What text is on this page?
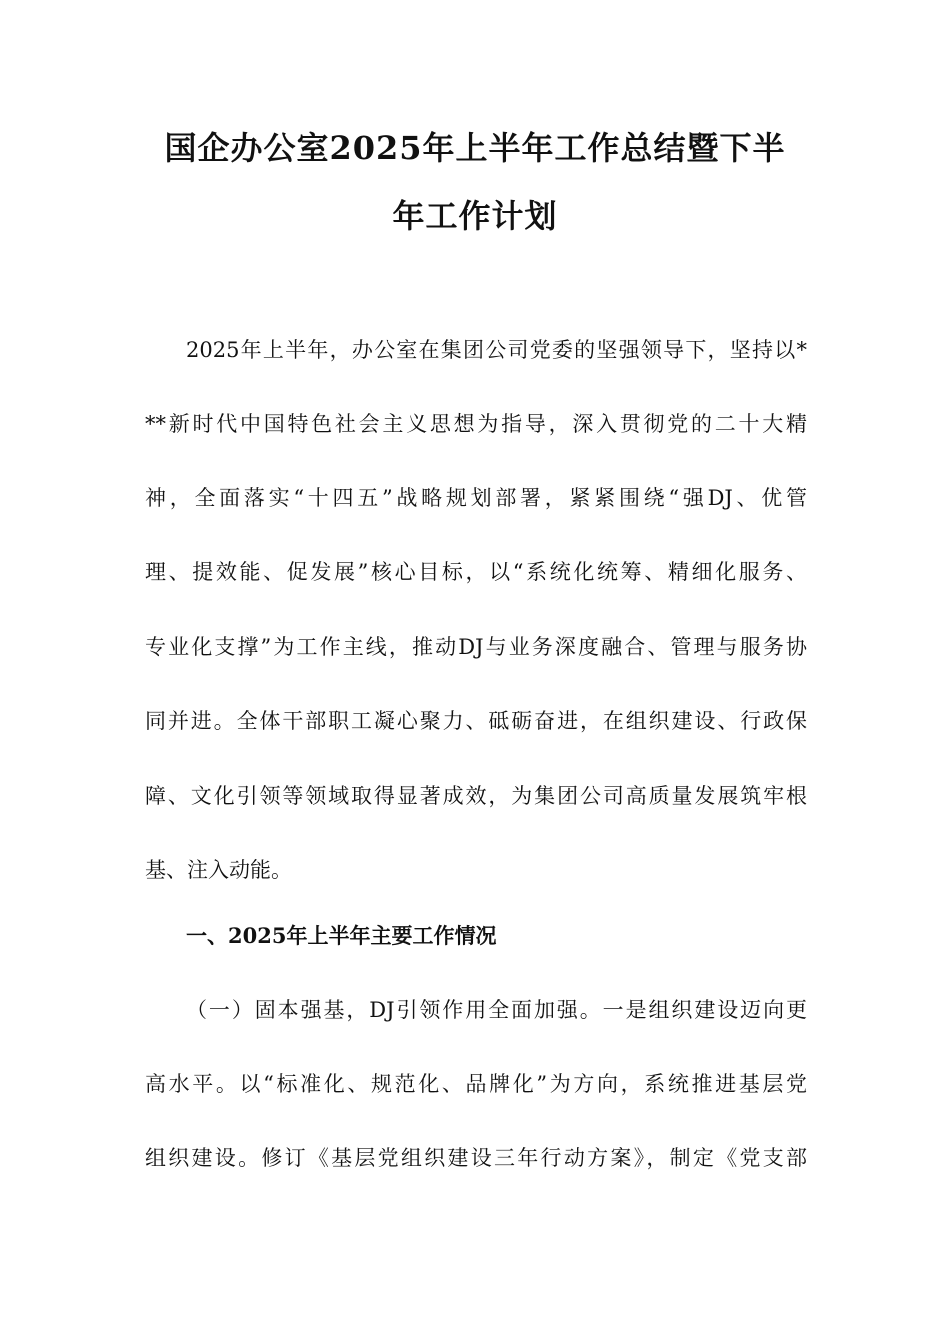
国企办公室2025年上半年工作总结暨下半
年工作计划
2025年上半年，办公室在集团公司党委的坚强领导下，坚持以*
**新时代中国特色社会主义思想为指导，深入贯彻党的二十大精
神，全面落实“十四五”战略规划部署，紧紧围绕“强DJ、优管
理、提效能、促发展”核心目标，以“系统化统筹、精细化服务、
专业化支撑”为工作主线，推动DJ与业务深度融合、管理与服务协
同并进。全体干部职工凝心聚力、砥砺奋进，在组织建设、行政保
障、文化引领等领域取得显著成效，为集团公司高质量发展筑牢根
基、注入动能。
一、2025年上半年主要工作情况
（一）固本强基，DJ引领作用全面加强。一是组织建设迈向更
高水平。以“标准化、规范化、品牌化”为方向，系统推进基层党
组织建设。修订《基层党组织建设三年行动方案》，制定《党支部
